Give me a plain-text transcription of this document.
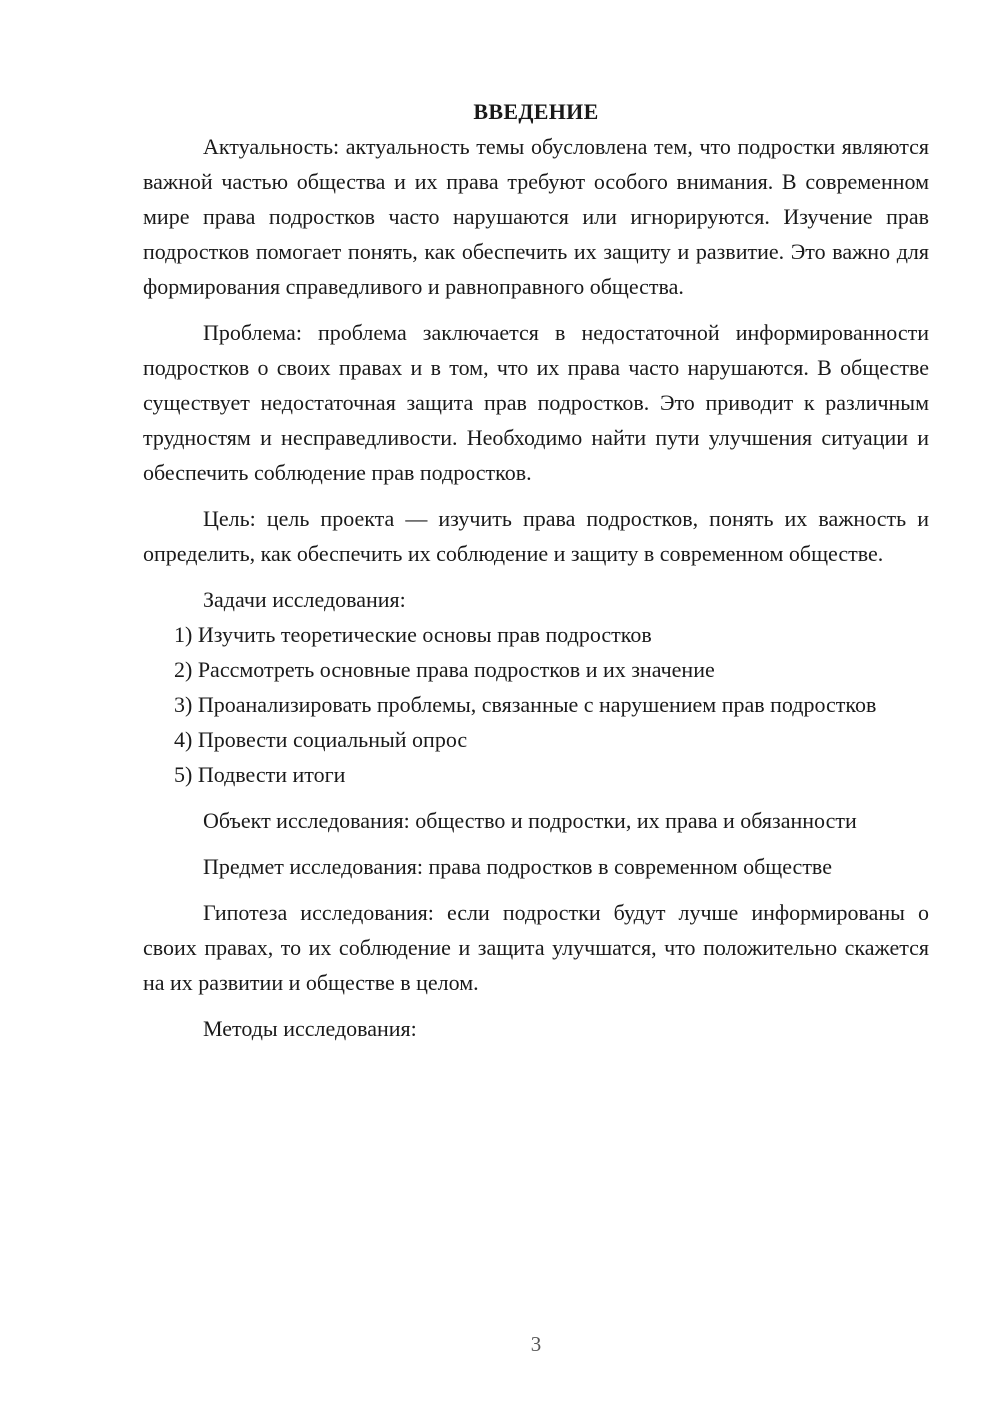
ВВЕДЕНИЕ

Актуальность: актуальность темы обусловлена тем, что подростки являются важной частью общества и их права требуют особого внимания. В современном мире права подростков часто нарушаются или игнорируются. Изучение прав подростков помогает понять, как обеспечить их защиту и развитие. Это важно для формирования справедливого и равноправного общества.

Проблема: проблема заключается в недостаточной информированности подростков о своих правах и в том, что их права часто нарушаются. В обществе существует недостаточная защита прав подростков. Это приводит к различным трудностям и несправедливости. Необходимо найти пути улучшения ситуации и обеспечить соблюдение прав подростков.

Цель: цель проекта — изучить права подростков, понять их важность и определить, как обеспечить их соблюдение и защиту в современном обществе.

Задачи исследования:

1) Изучить теоретические основы прав подростков

2) Рассмотреть основные права подростков и их значение

3) Проанализировать проблемы, связанные с нарушением прав подростков

4) Провести социальный опрос

5) Подвести итоги

Объект исследования: общество и подростки, их права и обязанности

Предмет исследования: права подростков в современном обществе

Гипотеза исследования: если подростки будут лучше информированы о своих правах, то их соблюдение и защита улучшатся, что положительно скажется на их развитии и обществе в целом.

Методы исследования:

3
